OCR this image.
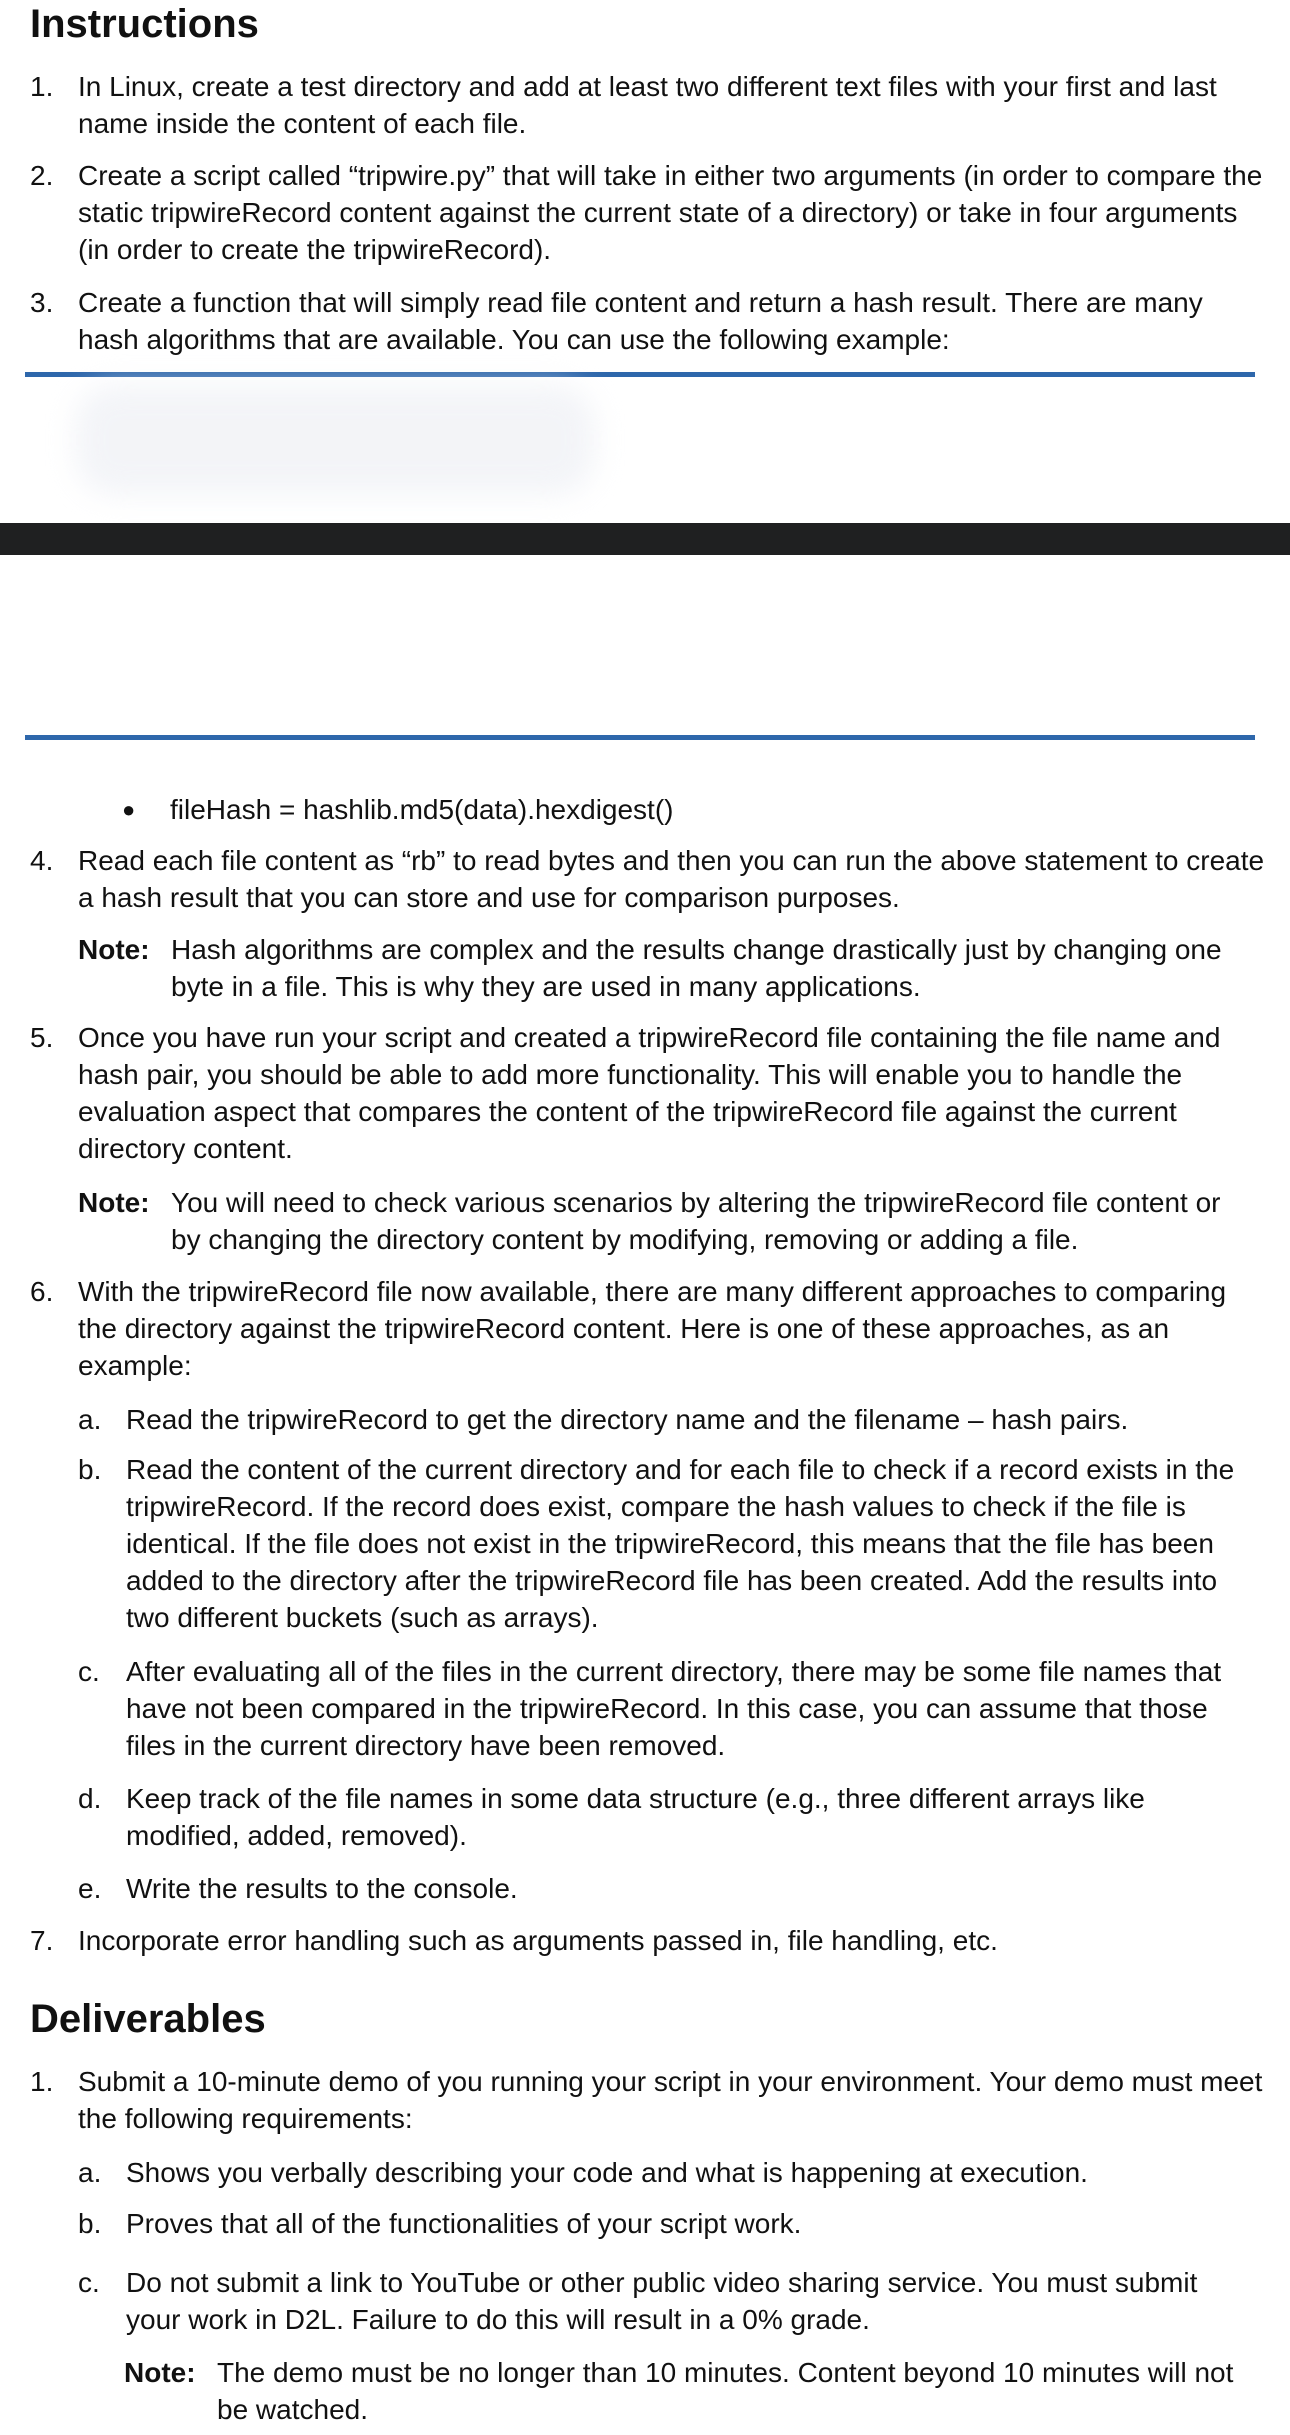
Instructions
1. In Linux, create a test directory and add at least two different text files with your first and last name inside the content of each file.
2. Create a script called “tripwire.py” that will take in either two arguments (in order to compare the static tripwireRecord content against the current state of a directory) or take in four arguments (in order to create the tripwireRecord).
3. Create a function that will simply read file content and return a hash result. There are many hash algorithms that are available. You can use the following example:
●	fileHash = hashlib.md5(data).hexdigest()
4. Read each file content as “rb” to read bytes and then you can run the above statement to create a hash result that you can store and use for comparison purposes.
Note: Hash algorithms are complex and the results change drastically just by changing one byte in a file. This is why they are used in many applications.
5. Once you have run your script and created a tripwireRecord file containing the file name and hash pair, you should be able to add more functionality. This will enable you to handle the evaluation aspect that compares the content of the tripwireRecord file against the current directory content.
Note: You will need to check various scenarios by altering the tripwireRecord file content or by changing the directory content by modifying, removing or adding a file.
6. With the tripwireRecord file now available, there are many different approaches to comparing the directory against the tripwireRecord content. Here is one of these approaches, as an example:
a. Read the tripwireRecord to get the directory name and the filename – hash pairs.
b. Read the content of the current directory and for each file to check if a record exists in the tripwireRecord. If the record does exist, compare the hash values to check if the file is identical. If the file does not exist in the tripwireRecord, this means that the file has been added to the directory after the tripwireRecord file has been created. Add the results into two different buckets (such as arrays).
c. After evaluating all of the files in the current directory, there may be some file names that have not been compared in the tripwireRecord. In this case, you can assume that those files in the current directory have been removed.
d. Keep track of the file names in some data structure (e.g., three different arrays like modified, added, removed).
e. Write the results to the console.
7. Incorporate error handling such as arguments passed in, file handling, etc.
Deliverables
1. Submit a 10-minute demo of you running your script in your environment. Your demo must meet the following requirements:
a. Shows you verbally describing your code and what is happening at execution.
b. Proves that all of the functionalities of your script work.
c. Do not submit a link to YouTube or other public video sharing service. You must submit your work in D2L. Failure to do this will result in a 0% grade.
Note: The demo must be no longer than 10 minutes. Content beyond 10 minutes will not be watched.
